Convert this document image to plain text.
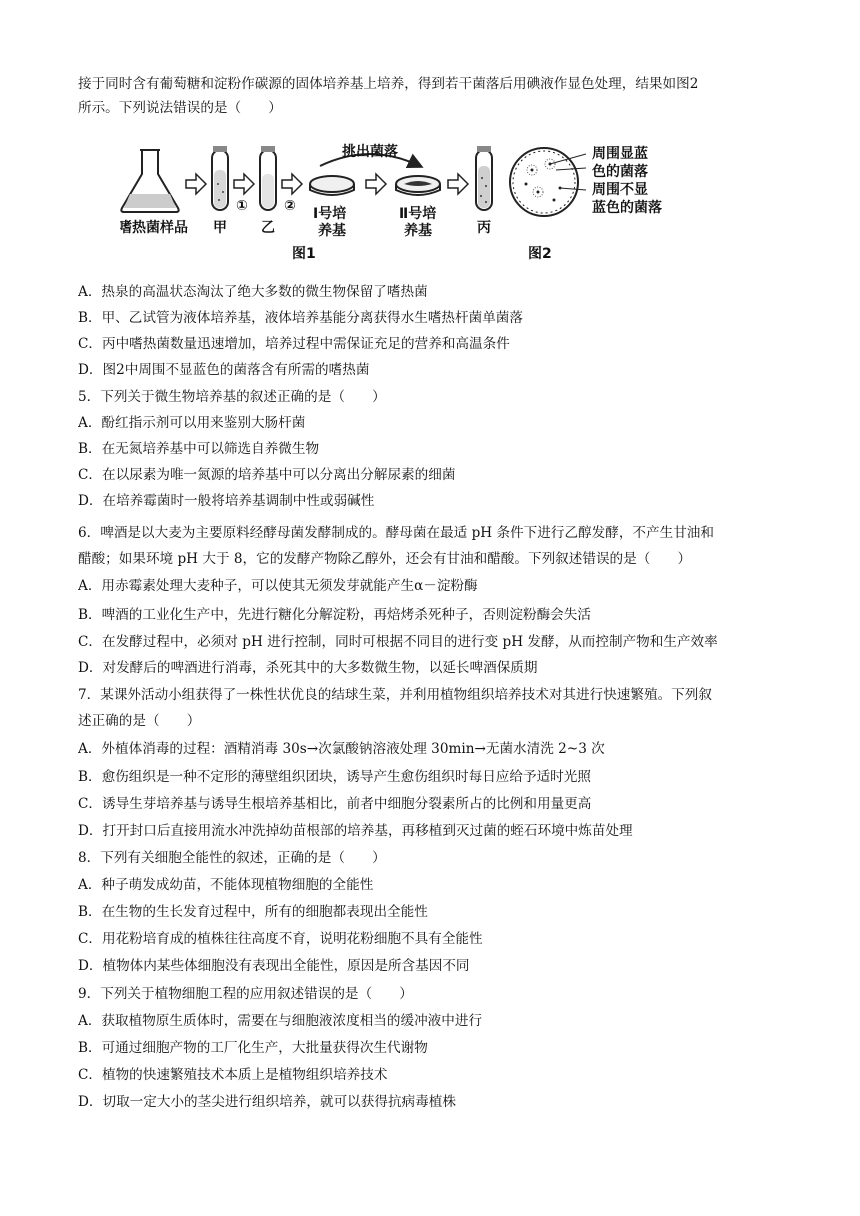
接于同时含有葡萄糖和淀粉作碳源的固体培养基上培养，得到若干菌落后用碘液作显色处理，结果如图2
所示。下列说法错误的是（　　）
嗜热菌样品 甲
①
乙
② Ⅰ号培
养基
挑出菌落
Ⅱ号培
养基	丙
周围显蓝
色的菌落
周围不显
蓝色的菌落
图1	图2
A．热泉的高温状态淘汰了绝大多数的微生物保留了嗜热菌
B．甲、乙试管为液体培养基，液体培养基能分离获得水生嗜热杆菌单菌落
C．丙中嗜热菌数量迅速增加，培养过程中需保证充足的营养和高温条件
D．图2中周围不显蓝色的菌落含有所需的嗜热菌
5．下列关于微生物培养基的叙述正确的是（　　）
A．酚红指示剂可以用来鉴别大肠杆菌
B．在无氮培养基中可以筛选自养微生物
C．在以尿素为唯一氮源的培养基中可以分离出分解尿素的细菌
D．在培养霉菌时一般将培养基调制中性或弱碱性
6．啤酒是以大麦为主要原料经酵母菌发酵制成的。酵母菌在最适 pH 条件下进行乙醇发酵，不产生甘油和
醋酸；如果环境 pH 大于 8，它的发酵产物除乙醇外，还会有甘油和醋酸。下列叙述错误的是（　　）
A．用赤霉素处理大麦种子，可以使其无须发芽就能产生α－淀粉酶
B．啤酒的工业化生产中，先进行糖化分解淀粉，再焙烤杀死种子，否则淀粉酶会失活
C．在发酵过程中，必须对 pH 进行控制，同时可根据不同目的进行变 pH 发酵，从而控制产物和生产效率
D．对发酵后的啤酒进行消毒，杀死其中的大多数微生物，以延长啤酒保质期
7．某课外活动小组获得了一株性状优良的结球生菜，并利用植物组织培养技术对其进行快速繁殖。下列叙
述正确的是（　　）
A．外植体消毒的过程：酒精消毒 30s→次氯酸钠溶液处理 30min→无菌水清洗 2~3 次
B．愈伤组织是一种不定形的薄壁组织团块，诱导产生愈伤组织时每日应给予适时光照
C．诱导生芽培养基与诱导生根培养基相比，前者中细胞分裂素所占的比例和用量更高
D．打开封口后直接用流水冲洗掉幼苗根部的培养基，再移植到灭过菌的蛭石环境中炼苗处理
8．下列有关细胞全能性的叙述，正确的是（　　）
A．种子萌发成幼苗，不能体现植物细胞的全能性
B．在生物的生长发育过程中，所有的细胞都表现出全能性
C．用花粉培育成的植株往往高度不育，说明花粉细胞不具有全能性
D．植物体内某些体细胞没有表现出全能性，原因是所含基因不同
9．下列关于植物细胞工程的应用叙述错误的是（　　）
A．获取植物原生质体时，需要在与细胞液浓度相当的缓冲液中进行
B．可通过细胞产物的工厂化生产，大批量获得次生代谢物
C．植物的快速繁殖技术本质上是植物组织培养技术
D．切取一定大小的茎尖进行组织培养，就可以获得抗病毒植株
